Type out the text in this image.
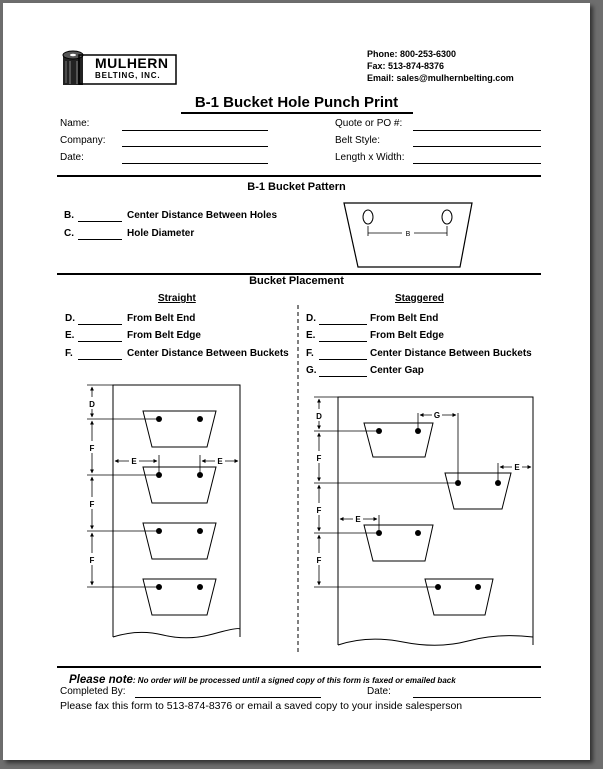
MULHERN
BELTING, INC.
Phone: 800-253-6300
Fax: 513-874-8376
Email: sales@mulhernbelting.com
B-1 Bucket Hole Punch Print
Name:
Company:
Date:
Quote or PO #:
Belt Style:
Length x Width:
B-1 Bucket Pattern
B.	Center Distance Between Holes
C.	Hole Diameter	B
Bucket Placement
Straight	Staggered
D.	From Belt End
E.	From Belt Edge
F.	Center Distance Between Buckets
D.	From Belt End
E.	From Belt Edge
F.	Center Distance Between Buckets
G.	Center Gap
D
F
F
F
E	E
D
F
F
F
G
E
E
Please note: No order will be processed until a signed copy of this form is faxed or emailed back
Completed By:	Date:
Please fax this form to 513-874-8376 or email a saved copy to your inside salesperson
